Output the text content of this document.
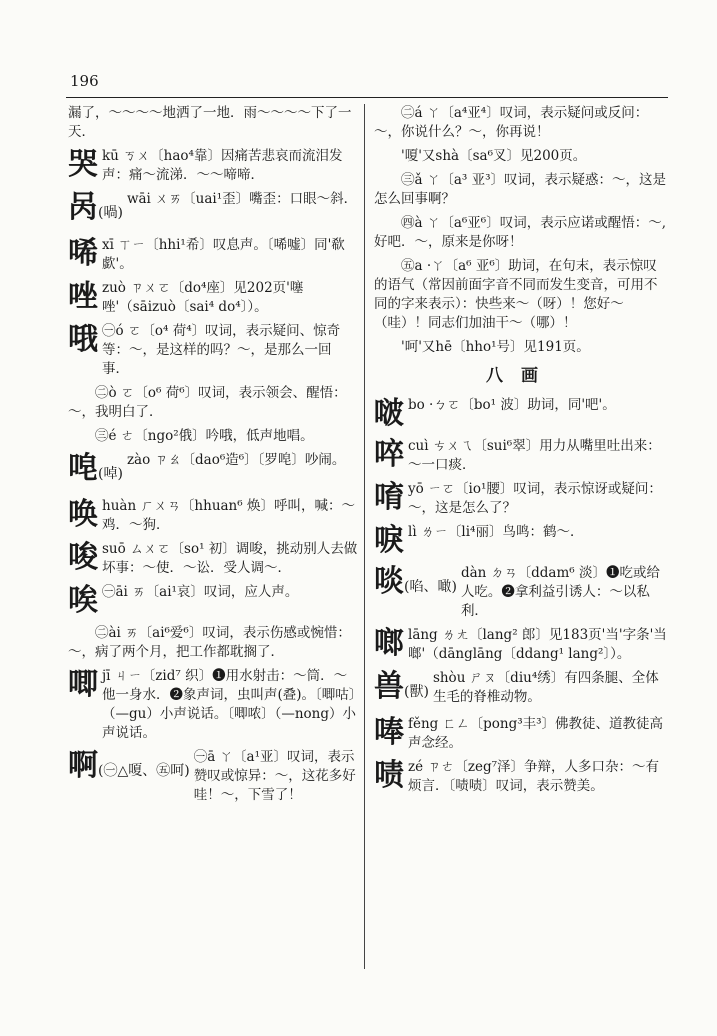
196
漏了，～～～～地洒了一地．雨～～～～下了一天．
哭 kū ㄎㄨ〔hao⁴靠〕因痛苦悲哀而流泪发声：痛～流涕．～～啼啼．
呙(喎)
wāi ㄨㄞ〔uai¹歪〕嘴歪：口眼～斜．
唏 xī ㄒㄧ〔hhi¹希〕叹息声。〔唏嘘〕同'欷歔'。
唑 zuò ㄗㄨㄛ〔do⁴座〕见202页'噻唑'（sāizuò〔sai⁴ do⁴〕）。
哦 ㊀ó ㄛ〔o⁴ 荷⁴〕叹词，表示疑问、惊奇等：～，是这样的吗？～，是那么一回事．
㊁ò ㄛ〔o⁶ 荷⁶〕叹词，表示领会、醒悟：～，我明白了．
㊂é ㄜ〔ngo²俄〕吟哦，低声地唱。
唣(啅)
zào ㄗㄠ〔dao⁶造⁶〕〔罗唣〕吵闹。
唤 huàn ㄏㄨㄢ〔hhuan⁶ 焕〕呼叫，喊：～鸡．～狗．
唆 suō ㄙㄨㄛ〔so¹ 初〕调唆，挑动别人去做坏事：～使．～讼．受人调～．
唉 ㊀āi ㄞ〔ai¹哀〕叹词，应人声。
㊁ài ㄞ〔ai⁶爱⁶〕叹词，表示伤感或惋惜：～，病了两个月，把工作都耽搁了．
唧 jī ㄐㄧ〔zid⁷ 织〕❶用水射击：～筒．～他一身水．❷象声词，虫叫声(叠)。〔唧咕〕（—gu）小声说话。〔唧哝〕（—nong）小声说话。
啊(㊀△嗄、㊄呵)
㊀ā ㄚ〔a¹亚〕叹词，表示赞叹或惊异：～，这花多好哇！～，下雪了！
㊁á ㄚ〔a⁴亚⁴〕叹词，表示疑问或反问：～，你说什么？～，你再说！
'嗄'又shà〔sa⁶叉〕见200页。
㊂ǎ ㄚ〔a³ 亚³〕叹词，表示疑惑：～，这是怎么回事啊？
㊃à ㄚ〔a⁶亚⁶〕叹词，表示应诺或醒悟：～,好吧．～，原来是你呀！
㊄a ·ㄚ〔a⁶ 亚⁶〕助词，在句末，表示惊叹的语气（常因前面字音不同而发生变音，可用不同的字来表示）：快些来～（呀）！您好～（哇）！同志们加油干～（哪）！
'呵'又hē〔hho¹号〕见191页。
八画
啵 bo ·ㄅㄛ〔bo¹ 波〕助词，同'吧'。
啐 cuì ㄘㄨㄟ〔sui⁶翠〕用力从嘴里吐出来：～一口痰．
唷 yō ㄧㄛ〔io¹腰〕叹词，表示惊讶或疑问：～，这是怎么了？
唳 lì ㄌㄧ〔li⁴丽〕鸟鸣：鹤～．
啖(啗、噉)
dàn ㄉㄢ〔ddam⁶ 淡〕❶吃或给人吃。❷拿利益引诱人：～以私利．
啷 lāng ㄌㄤ〔lang² 郎〕见183页'当'字条'当啷'（dānglāng〔ddang¹ lang²〕）。
兽(獸)
shòu ㄕㄡ〔diu⁴绣〕有四条腿、全体生毛的脊椎动物。
唪 fěng ㄈㄥ〔pong³丰³〕佛教徒、道教徒高声念经。
啧 zé ㄗㄜ〔zeg⁷泽〕争辩，人多口杂：～有烦言．〔啧啧〕叹词，表示赞美。
